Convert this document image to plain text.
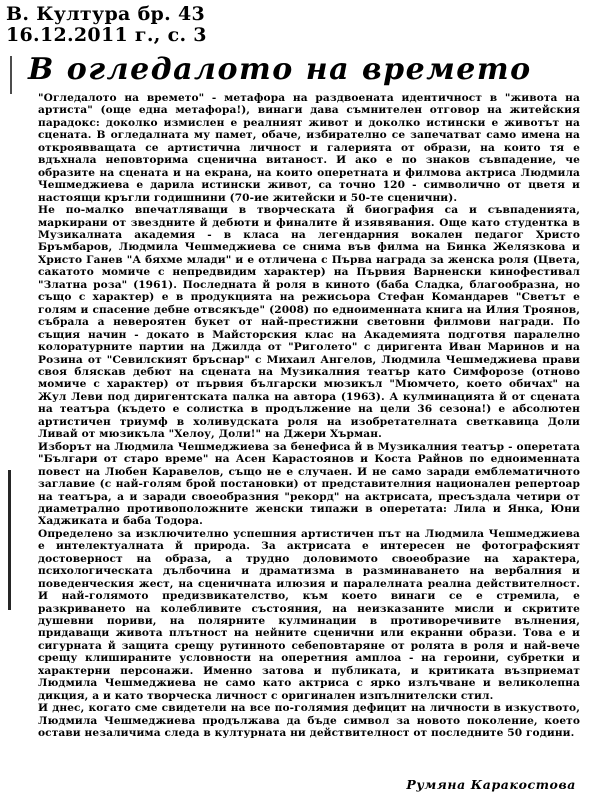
В. Култура бр. 43
16.12.2011 г., с. 3
В огледалото на времето

"Огледалото на времето" - метафора на раздвоената идентичност в "живота на артиста" (още една метафора!), винаги дава съмнителен отговор на житейския парадокс: доколко измислен е реалният живот и доколко истински е животът на сцената. В огледалната му памет, обаче, избирателно се запечатват само имена на откроявващата се артистична личност и галерията от образи, на които тя е вдъхнала неповторима сценична витаност. И ако е по знаков съвпадение, че образите на сцената и на екрана, на които оперетната и филмова актриса Людмила Чешмеджиева е дарила истински живот, са точно 120 - символично от цветя и настоящи кръгли годишнини (70-ие житейски и 50-те сценични).

Не по-малко впечатляващи в творческата й биография са и съвпаденията, маркирани от звездните й дебюти и финалите й изявявания. Още като студентка в Музикалната академия - в класа на легендарния вокален педагог Христо Бръмбаров, Людмила Чешмеджиева се снима във филма на Бинка Желязкова и Христо Ганев "А бяхме млади" и е отличена с Първа награда за женска роля (Цвета, сакатото момиче с непредвидим характер) на Първия Варненски кинофестивал "Златна роза" (1961). Последната й роля в киното (баба Сладка, благообразна, но също с характер) е в продукцията на режисьора Стефан Командарев "Светът е голям и спасение дебне отвсякъде" (2008) по едноименната книга на Илия Троянов, събрала a невероятен букет от най-престижни световни филмови награди. По същия начин - докато в Майсторския клас на Академията подготвя паралелно колоратурните партии на Джилда от "Риголето" с диригента Иван Маринов и на Розина от "Севилският бръснар" с Михаил Ангелов, Людмила Чешмеджиева прави своя бляскав дебют на сцената на Музикалния театър като Симфорозе (отново момиче с характер) от първия български мюзикъл "Мюмчето, което обичах" на Жул Леви под диригентската палка на автора (1963). А кулминацията й от сцената на театъра (където е солистка в продължение на цели 36 сезона!) е абсолютен артистичен триумф в холивудската роля на изобретателната светкавица Доли Ливай от мюзикъла "Хелоу, Доли!" на Джери Хърман.

Изборът на Людмила Чешмеджиева за бенефиса й в Музикалния театър - оперетата "Българи от старо време" на Асен Карастоянов и Коста Райнов по едноименната повест на Любен Каравелов, също не е случаен. И не само заради емблематичното заглавие (с най-голям брой постановки) от представителния национален репертоар на театъра, а и заради своеобразния "рекорд" на актрисата, пресъздала четири от диаметрално противоположните женски типажи в оперетата: Лила и Янка, Юни Хаджиката и баба Тодора.

Определено за изключително успешния артистичен път на Людмила Чешмеджиева е интелектуалната й природа. За актрисата е интересен не фотографският достоверност на образа, а трудно доловимото своеобразие на характера, психологическата дълбочина и драматизма в разминаването на вербалния и поведенческия жест, на сценичната илюзия и паралелната реална действителност. И най-голямото предизвикателство, към което винаги се е стремила, е разкриването на колебливите състояния, на неизказаните мисли и скритите душевни пориви, на полярните кулминации в противоречивите вълнения, придаващи живота плътност на нейните сценични или екранни образи. Това е и сигурната й защита срещу рутинното себеповтаряне от ролята в роля и най-вече срещу клишираните условности на оперетния амплоа - на героини, субретки и характерни персонажи. Именно затова и публиката, и критиката възприемат Людмила Чешмеджиева не само като актриса с ярко излъчване и великолепна дикция, а и като творческа личност с оригинален изпълнителски стил.

И днес, когато сме свидетели на все по-голямия дефицит на личности в изкуството, Людмила Чешмеджиева продължава да бъде символ за новото поколение, което остави незаличима следа в културната ни действителност от последните 50 години.

Румяна Каракостова
